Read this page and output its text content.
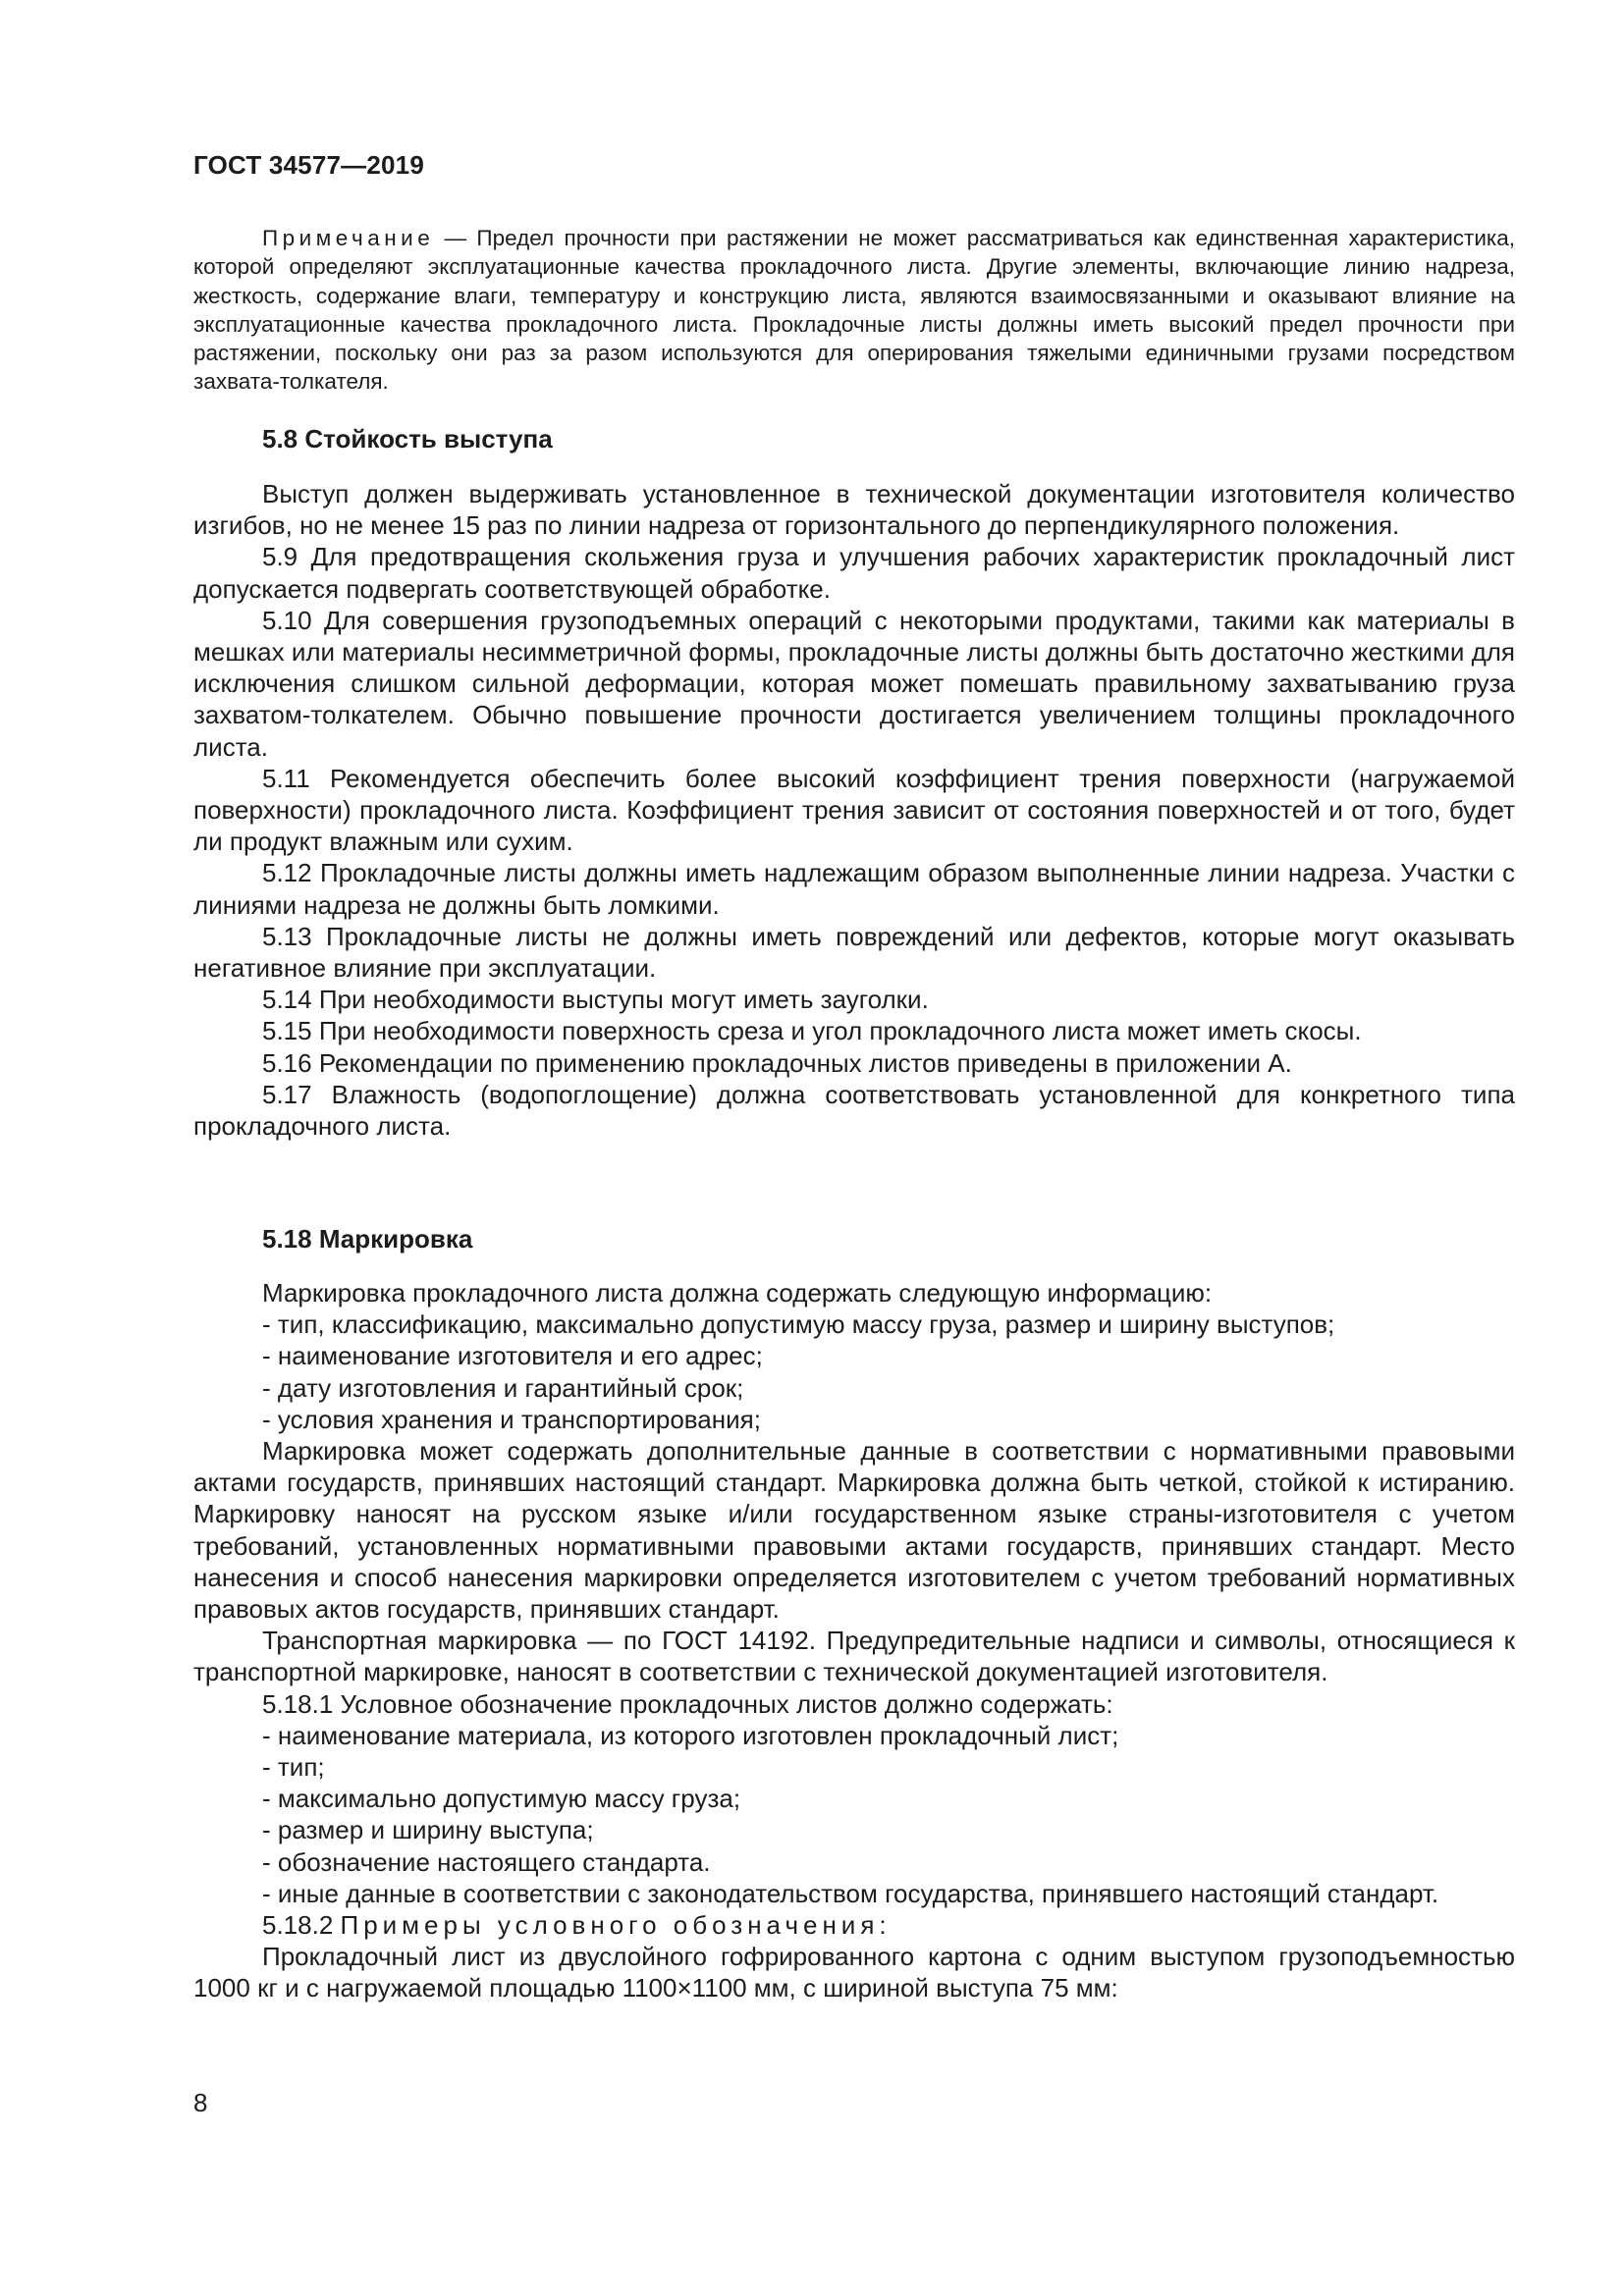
ГОСТ 34577—2019

Примечание — Предел прочности при растяжении не может рассматриваться как единственная характеристика, которой определяют эксплуатационные качества прокладочного листа. Другие элементы, включающие линию надреза, жесткость, содержание влаги, температуру и конструкцию листа, являются взаимосвязанными и оказывают влияние на эксплуатационные качества прокладочного листа. Прокладочные листы должны иметь высокий предел прочности при растяжении, поскольку они раз за разом используются для оперирования тяжелыми единичными грузами посредством захвата-толкателя.

5.8 Стойкость выступа

Выступ должен выдерживать установленное в технической документации изготовителя количество изгибов, но не менее 15 раз по линии надреза от горизонтального до перпендикулярного положения.

5.9 Для предотвращения скольжения груза и улучшения рабочих характеристик прокладочный лист допускается подвергать соответствующей обработке.

5.10 Для совершения грузоподъемных операций с некоторыми продуктами, такими как материалы в мешках или материалы несимметричной формы, прокладочные листы должны быть достаточно жесткими для исключения слишком сильной деформации, которая может помешать правильному захватыванию груза захватом-толкателем. Обычно повышение прочности достигается увеличением толщины прокладочного листа.

5.11 Рекомендуется обеспечить более высокий коэффициент трения поверхности (нагружаемой поверхности) прокладочного листа. Коэффициент трения зависит от состояния поверхностей и от того, будет ли продукт влажным или сухим.

5.12 Прокладочные листы должны иметь надлежащим образом выполненные линии надреза. Участки с линиями надреза не должны быть ломкими.

5.13 Прокладочные листы не должны иметь повреждений или дефектов, которые могут оказывать негативное влияние при эксплуатации.

5.14 При необходимости выступы могут иметь зауголки.

5.15 При необходимости поверхность среза и угол прокладочного листа может иметь скосы.

5.16 Рекомендации по применению прокладочных листов приведены в приложении А.

5.17 Влажность (водопоглощение) должна соответствовать установленной для конкретного типа прокладочного листа.

5.18 Маркировка

Маркировка прокладочного листа должна содержать следующую информацию:

- тип, классификацию, максимально допустимую массу груза, размер и ширину выступов;

- наименование изготовителя и его адрес;

- дату изготовления и гарантийный срок;

- условия хранения и транспортирования;

Маркировка может содержать дополнительные данные в соответствии с нормативными правовыми актами государств, принявших настоящий стандарт. Маркировка должна быть четкой, стойкой к истиранию. Маркировку наносят на русском языке и/или государственном языке страны-изготовителя с учетом требований, установленных нормативными правовыми актами государств, принявших стандарт. Место нанесения и способ нанесения маркировки определяется изготовителем с учетом требований нормативных правовых актов государств, принявших стандарт.

Транспортная маркировка — по ГОСТ 14192. Предупредительные надписи и символы, относящиеся к транспортной маркировке, наносят в соответствии с технической документацией изготовителя.

5.18.1 Условное обозначение прокладочных листов должно содержать:

- наименование материала, из которого изготовлен прокладочный лист;

- тип;

- максимально допустимую массу груза;

- размер и ширину выступа;

- обозначение настоящего стандарта.

- иные данные в соответствии с законодательством государства, принявшего настоящий стандарт.

5.18.2 Примеры условного обозначения:

Прокладочный лист из двуслойного гофрированного картона с одним выступом грузоподъемностью 1000 кг и с нагружаемой площадью 1100×1100 мм, с шириной выступа 75 мм:

8
